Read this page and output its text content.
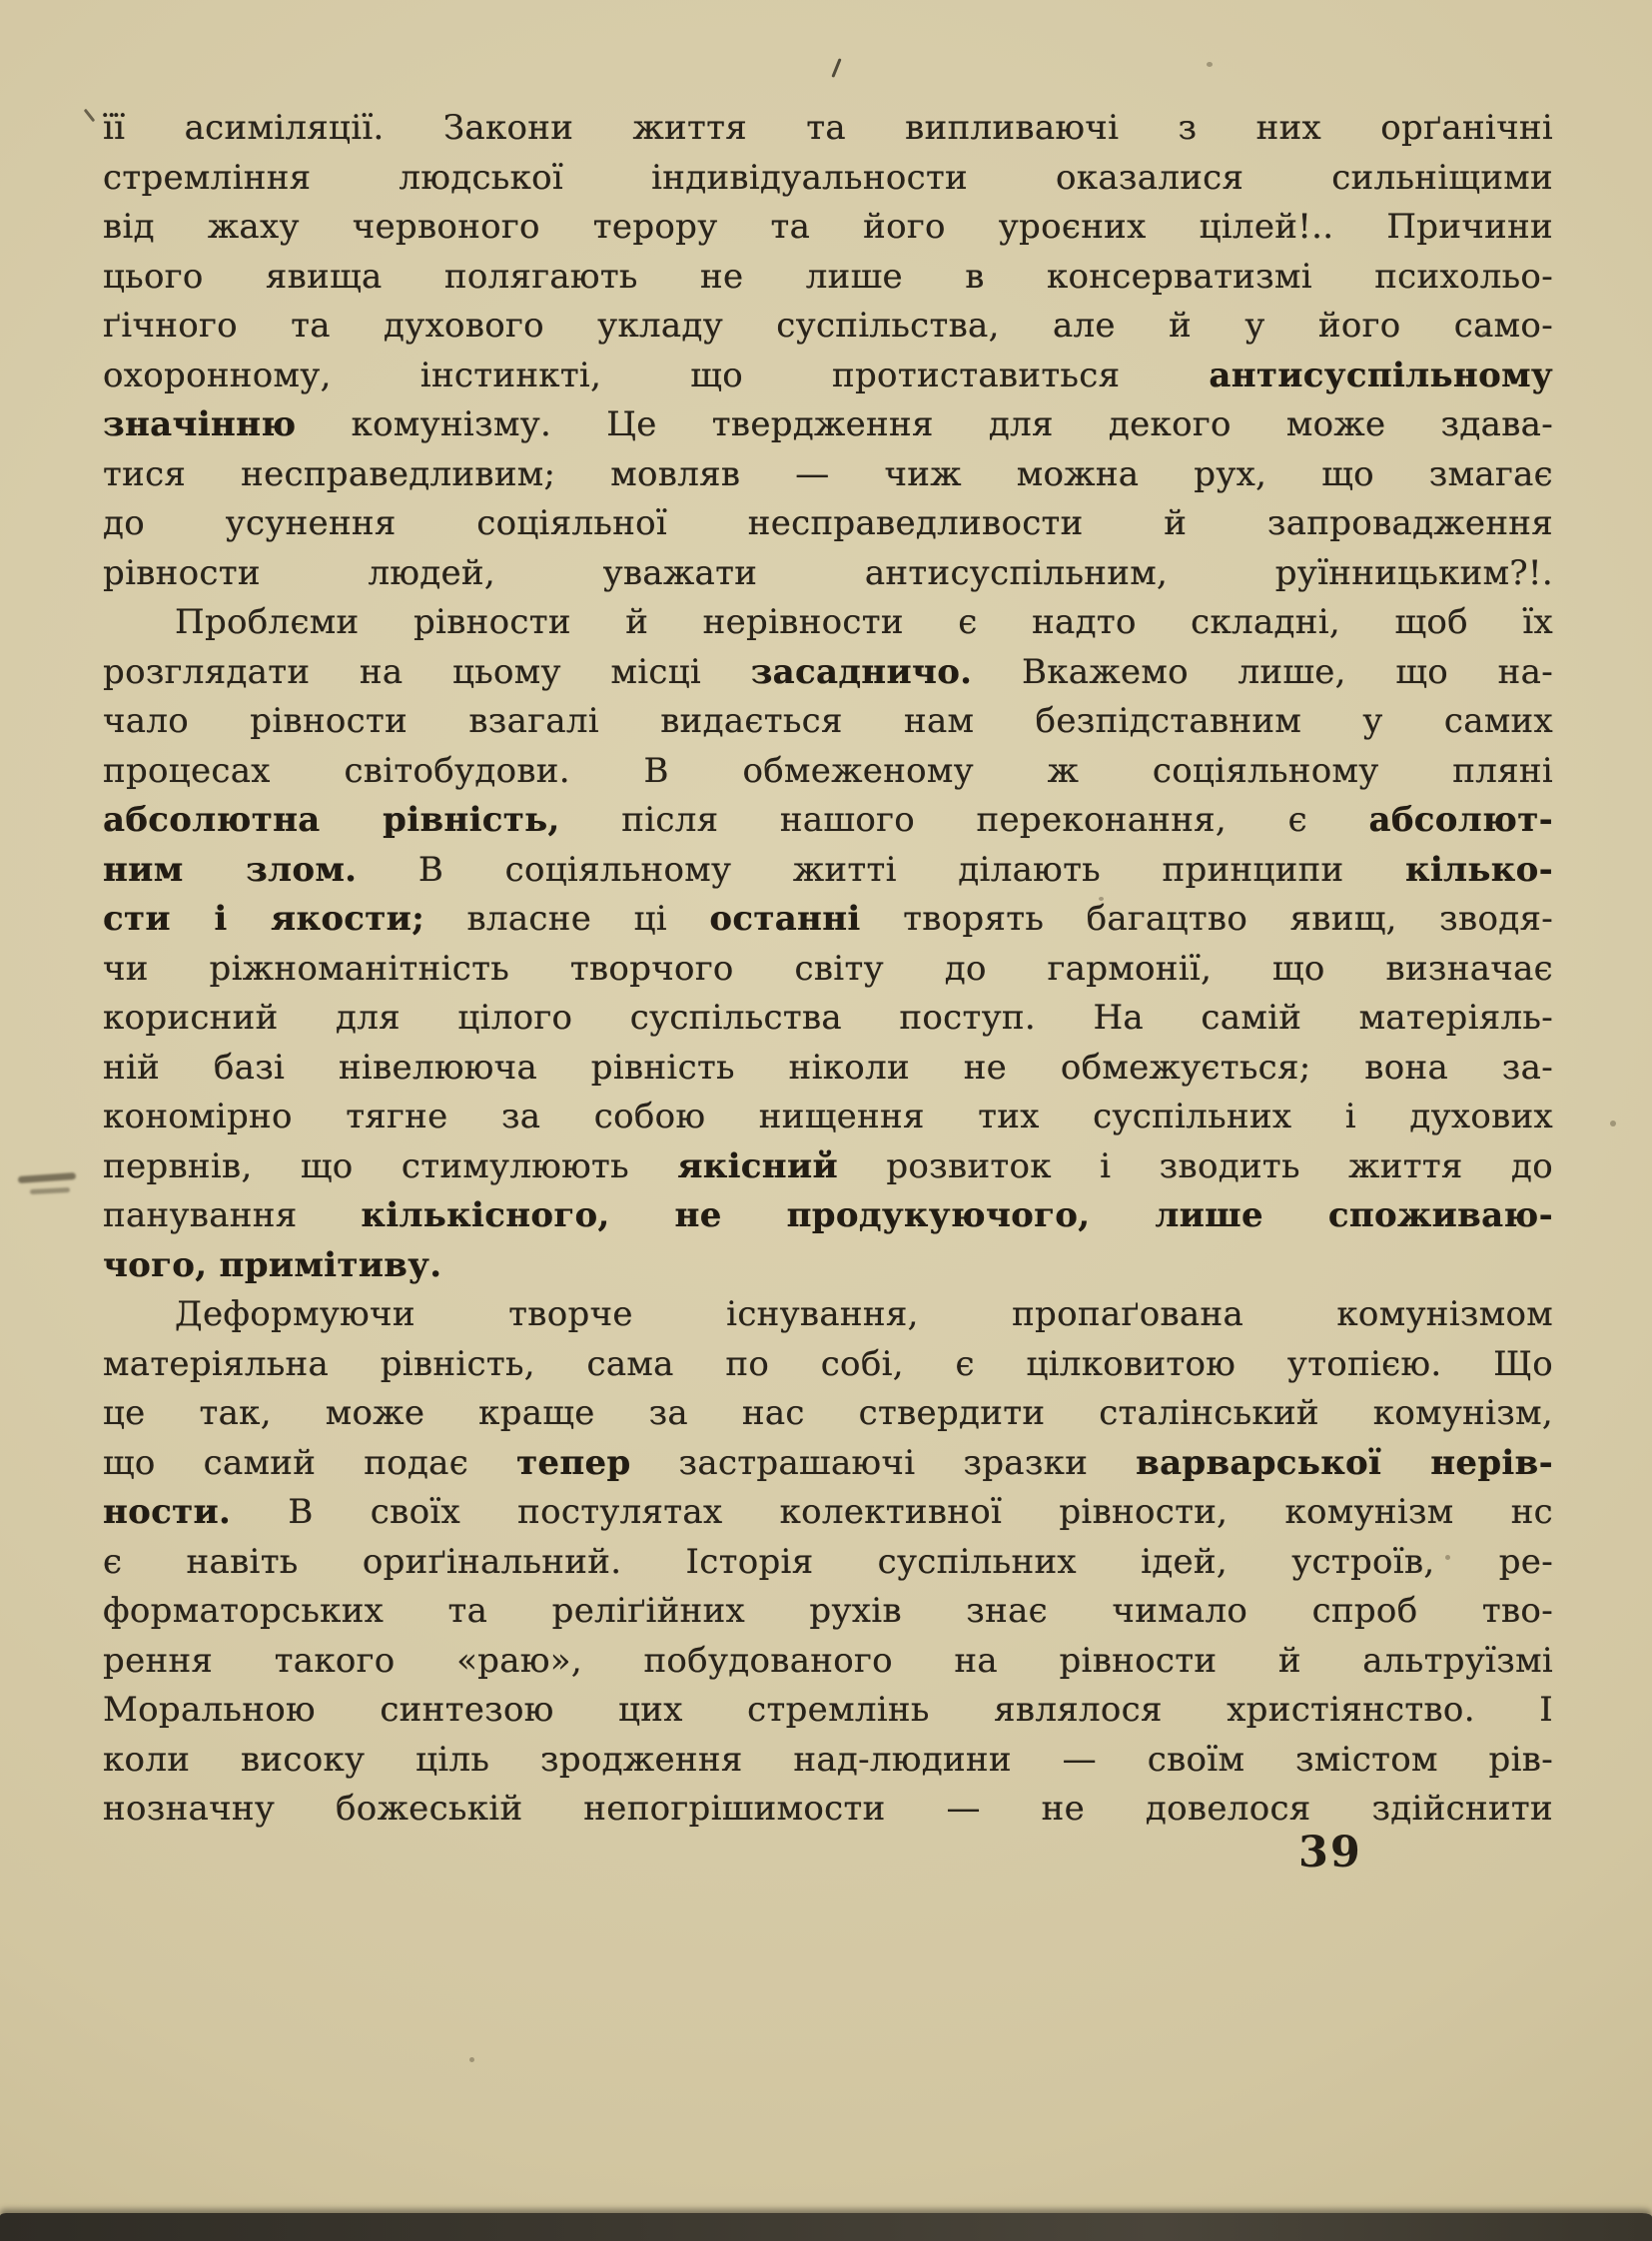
її асиміляції. Закони життя та випливаючі з них орґанічні
стремління людської індивідуальности оказалися сильніщими
від жаху червоного терору та його уроєних цілей!.. Причини
цього явища полягають не лише в консерватизмі психольо-
ґічного та духового укладу суспільства, але й у його само-
охоронному, інстинкті, що протиставиться антисуспільному
значінню комунізму. Це твердження для декого може здава-
тися несправедливим; мовляв — чиж можна рух, що змагає
до усунення соціяльної несправедливости й запровадження
рівности людей, уважати антисуспільним, руїнницьким?!.
Проблєми рівности й нерівности є надто складні, щоб їх
розглядати на цьому місці засадничо. Вкажемо лише, що на-
чало рівности взагалі видається нам безпідставним у самих
процесах світобудови. В обмеженому ж соціяльному пляні
абсолютна рівність, після нашого переконання, є абсолют-
ним злом. В соціяльному житті ділають принципи кілько-
сти і якости; власне ці останні творять багацтво явищ, зводя-
чи ріжноманітність творчого світу до гармонії, що визначає
корисний для цілого суспільства поступ. На самій матеріяль-
ній базі нівелююча рівність ніколи не обмежується; вона за-
кономірно тягне за собою нищення тих суспільних і духових
первнів, що стимулюють якісний розвиток і зводить життя до
панування кількісного, не продукуючого, лише споживаю-
чого, примітиву.
Деформуючи творче існування, пропаґована комунізмом
матеріяльна рівність, сама по собі, є цілковитою утопією. Що
це так, може краще за нас ствердити сталінський комунізм,
що самий подає тепер застрашаючі зразки варварської нерів-
ности. В своїх постулятах колективної рівности, комунізм нс
є навіть ориґінальний. Історія суспільних ідей, устроїв, ре-
форматорських та реліґійних рухів знає чимало спроб тво-
рення такого «раю», побудованого на рівности й альтруїзмі
Моральною синтезою цих стремлінь являлося христіянство. І
коли високу ціль зродження над-людини — своїм змістом рів-
нозначну божеській непогрішимости — не довелося здійснити
39
